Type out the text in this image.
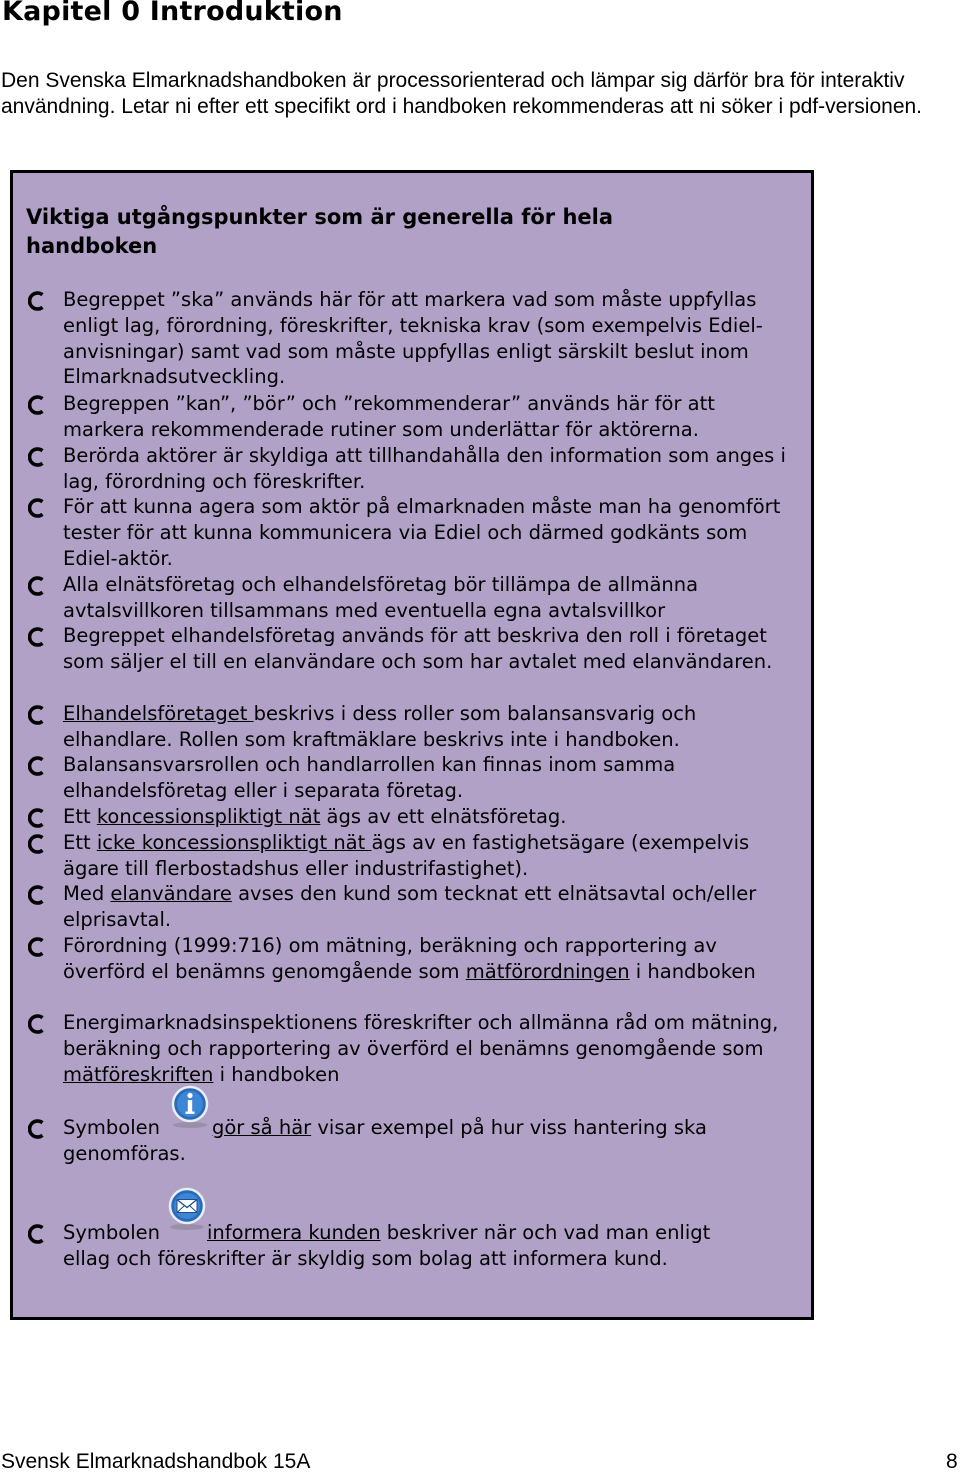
Kapitel 0 Introduktion

Den Svenska Elmarknadshandboken är processorienterad och lämpar sig därför bra för interaktiv användning. Letar ni efter ett specifikt ord i handboken rekommenderas att ni söker i pdf-versionen.

Viktiga utgångspunkter som är generella för hela handboken

Begreppet ”ska” används här för att markera vad som måste uppfyllas enligt lag, förordning, föreskrifter, tekniska krav (som exempelvis Ediel-anvisningar) samt vad som måste uppfyllas enligt särskilt beslut inom Elmarknadsutveckling.

Begreppen ”kan”, ”bör” och ”rekommenderar” används här för att markera rekommenderade rutiner som underlättar för aktörerna.

Berörda aktörer är skyldiga att tillhandahålla den information som anges i lag, förordning och föreskrifter.

För att kunna agera som aktör på elmarknaden måste man ha genomfört tester för att kunna kommunicera via Ediel och därmed godkänts som Ediel-aktör.

Alla elnätsföretag och elhandelsföretag bör tillämpa de allmänna avtalsvillkoren tillsammans med eventuella egna avtalsvillkor

Begreppet elhandelsföretag används för att beskriva den roll i företaget som säljer el till en elanvändare och som har avtalet med elanvändaren.

Elhandelsföretaget beskrivs i dess roller som balansansvarig och elhandlare. Rollen som kraftmäklare beskrivs inte i handboken.

Balansansvarsrollen och handlarrollen kan finnas inom samma elhandelsföretag eller i separata företag.

Ett koncessionspliktigt nät ägs av ett elnätsföretag.

Ett icke koncessionspliktigt nät ägs av en fastighetsägare (exempelvis ägare till flerbostadshus eller industrifastighet).

Med elanvändare avses den kund som tecknat ett elnätsavtal och/eller elprisavtal.

Förordning (1999:716) om mätning, beräkning och rapportering av överförd el benämns genomgående som mätförordningen i handboken

Energimarknadsinspektionens föreskrifter och allmänna råd om mätning, beräkning och rapportering av överförd el benämns genomgående som mätföreskriften i handboken

Symbolen	gör så här visar exempel på hur viss hantering ska
genomföras.

Symbolen informera kunden beskriver när och vad man enligt
ellag och föreskrifter är skyldig som bolag att informera kund.

Svensk Elmarknadshandbok 15A	8
